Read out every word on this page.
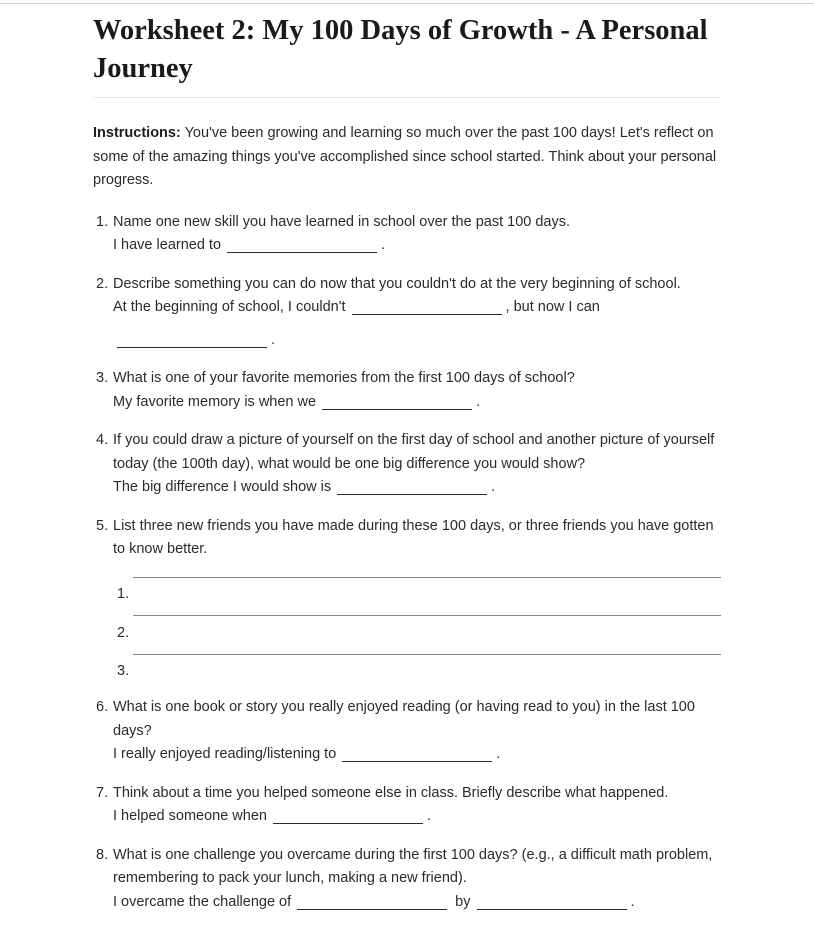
Worksheet 2: My 100 Days of Growth - A Personal Journey

Instructions: You've been growing and learning so much over the past 100 days! Let's reflect on some of the amazing things you've accomplished since school started. Think about your personal progress.

1. Name one new skill you have learned in school over the past 100 days.
I have learned to	.
2. Describe something you can do now that you couldn't do at the very beginning of school.
At the beginning of school, I couldn't	, but now I can
.
3. What is one of your favorite memories from the first 100 days of school?
My favorite memory is when we	.
4. If you could draw a picture of yourself on the first day of school and another picture of yourself today (the 100th day), what would be one big difference you would show?
The big difference I would show is	.
5. List three new friends you have made during these 100 days, or three friends you have gotten to know better.
1.
2.
3.
6. What is one book or story you really enjoyed reading (or having read to you) in the last 100 days?
I really enjoyed reading/listening to	.
7. Think about a time you helped someone else in class. Briefly describe what happened.
I helped someone when	.
8. What is one challenge you overcame during the first 100 days? (e.g., a difficult math problem, remembering to pack your lunch, making a new friend).
I overcame the challenge of	by	.
